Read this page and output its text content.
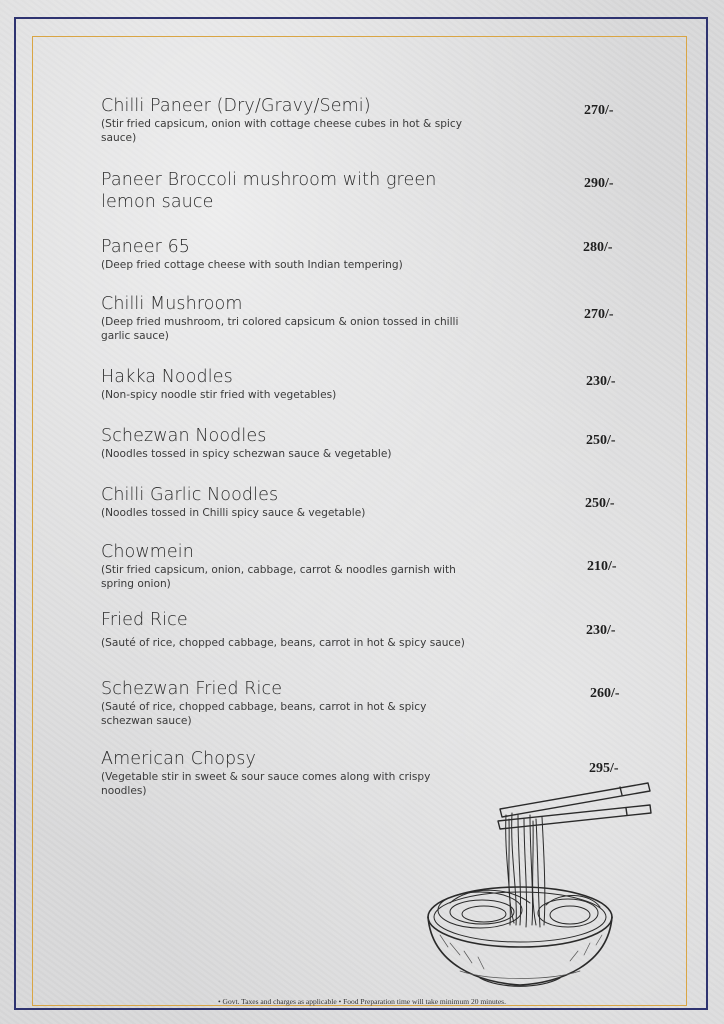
Chilli Paneer (Dry/Gravy/Semi)
(Stir fried capsicum, onion with cottage cheese cubes in hot & spicy sauce)
270/-
Paneer Broccoli mushroom with green lemon sauce
290/-
Paneer 65
(Deep fried cottage cheese with south Indian tempering)
280/-
Chilli Mushroom
(Deep fried mushroom, tri colored capsicum & onion tossed in chilli garlic sauce)
270/-
Hakka Noodles
(Non-spicy noodle stir fried with vegetables)
230/-
Schezwan Noodles
(Noodles tossed in spicy schezwan sauce & vegetable)
250/-
Chilli Garlic Noodles
(Noodles tossed in Chilli spicy sauce & vegetable)
250/-
Chowmein
(Stir fried capsicum, onion, cabbage, carrot & noodles garnish with spring onion)
210/-
Fried Rice
(Sauté of rice, chopped cabbage, beans, carrot in hot & spicy sauce)
230/-
Schezwan Fried Rice
(Sauté of rice, chopped cabbage, beans, carrot in hot & spicy schezwan sauce)
260/-
American Chopsy
(Vegetable stir in sweet & sour sauce comes along with crispy noodles)
295/-
• Govt. Taxes and charges as applicable • Food Preparation time will take minimum 20 minutes.
